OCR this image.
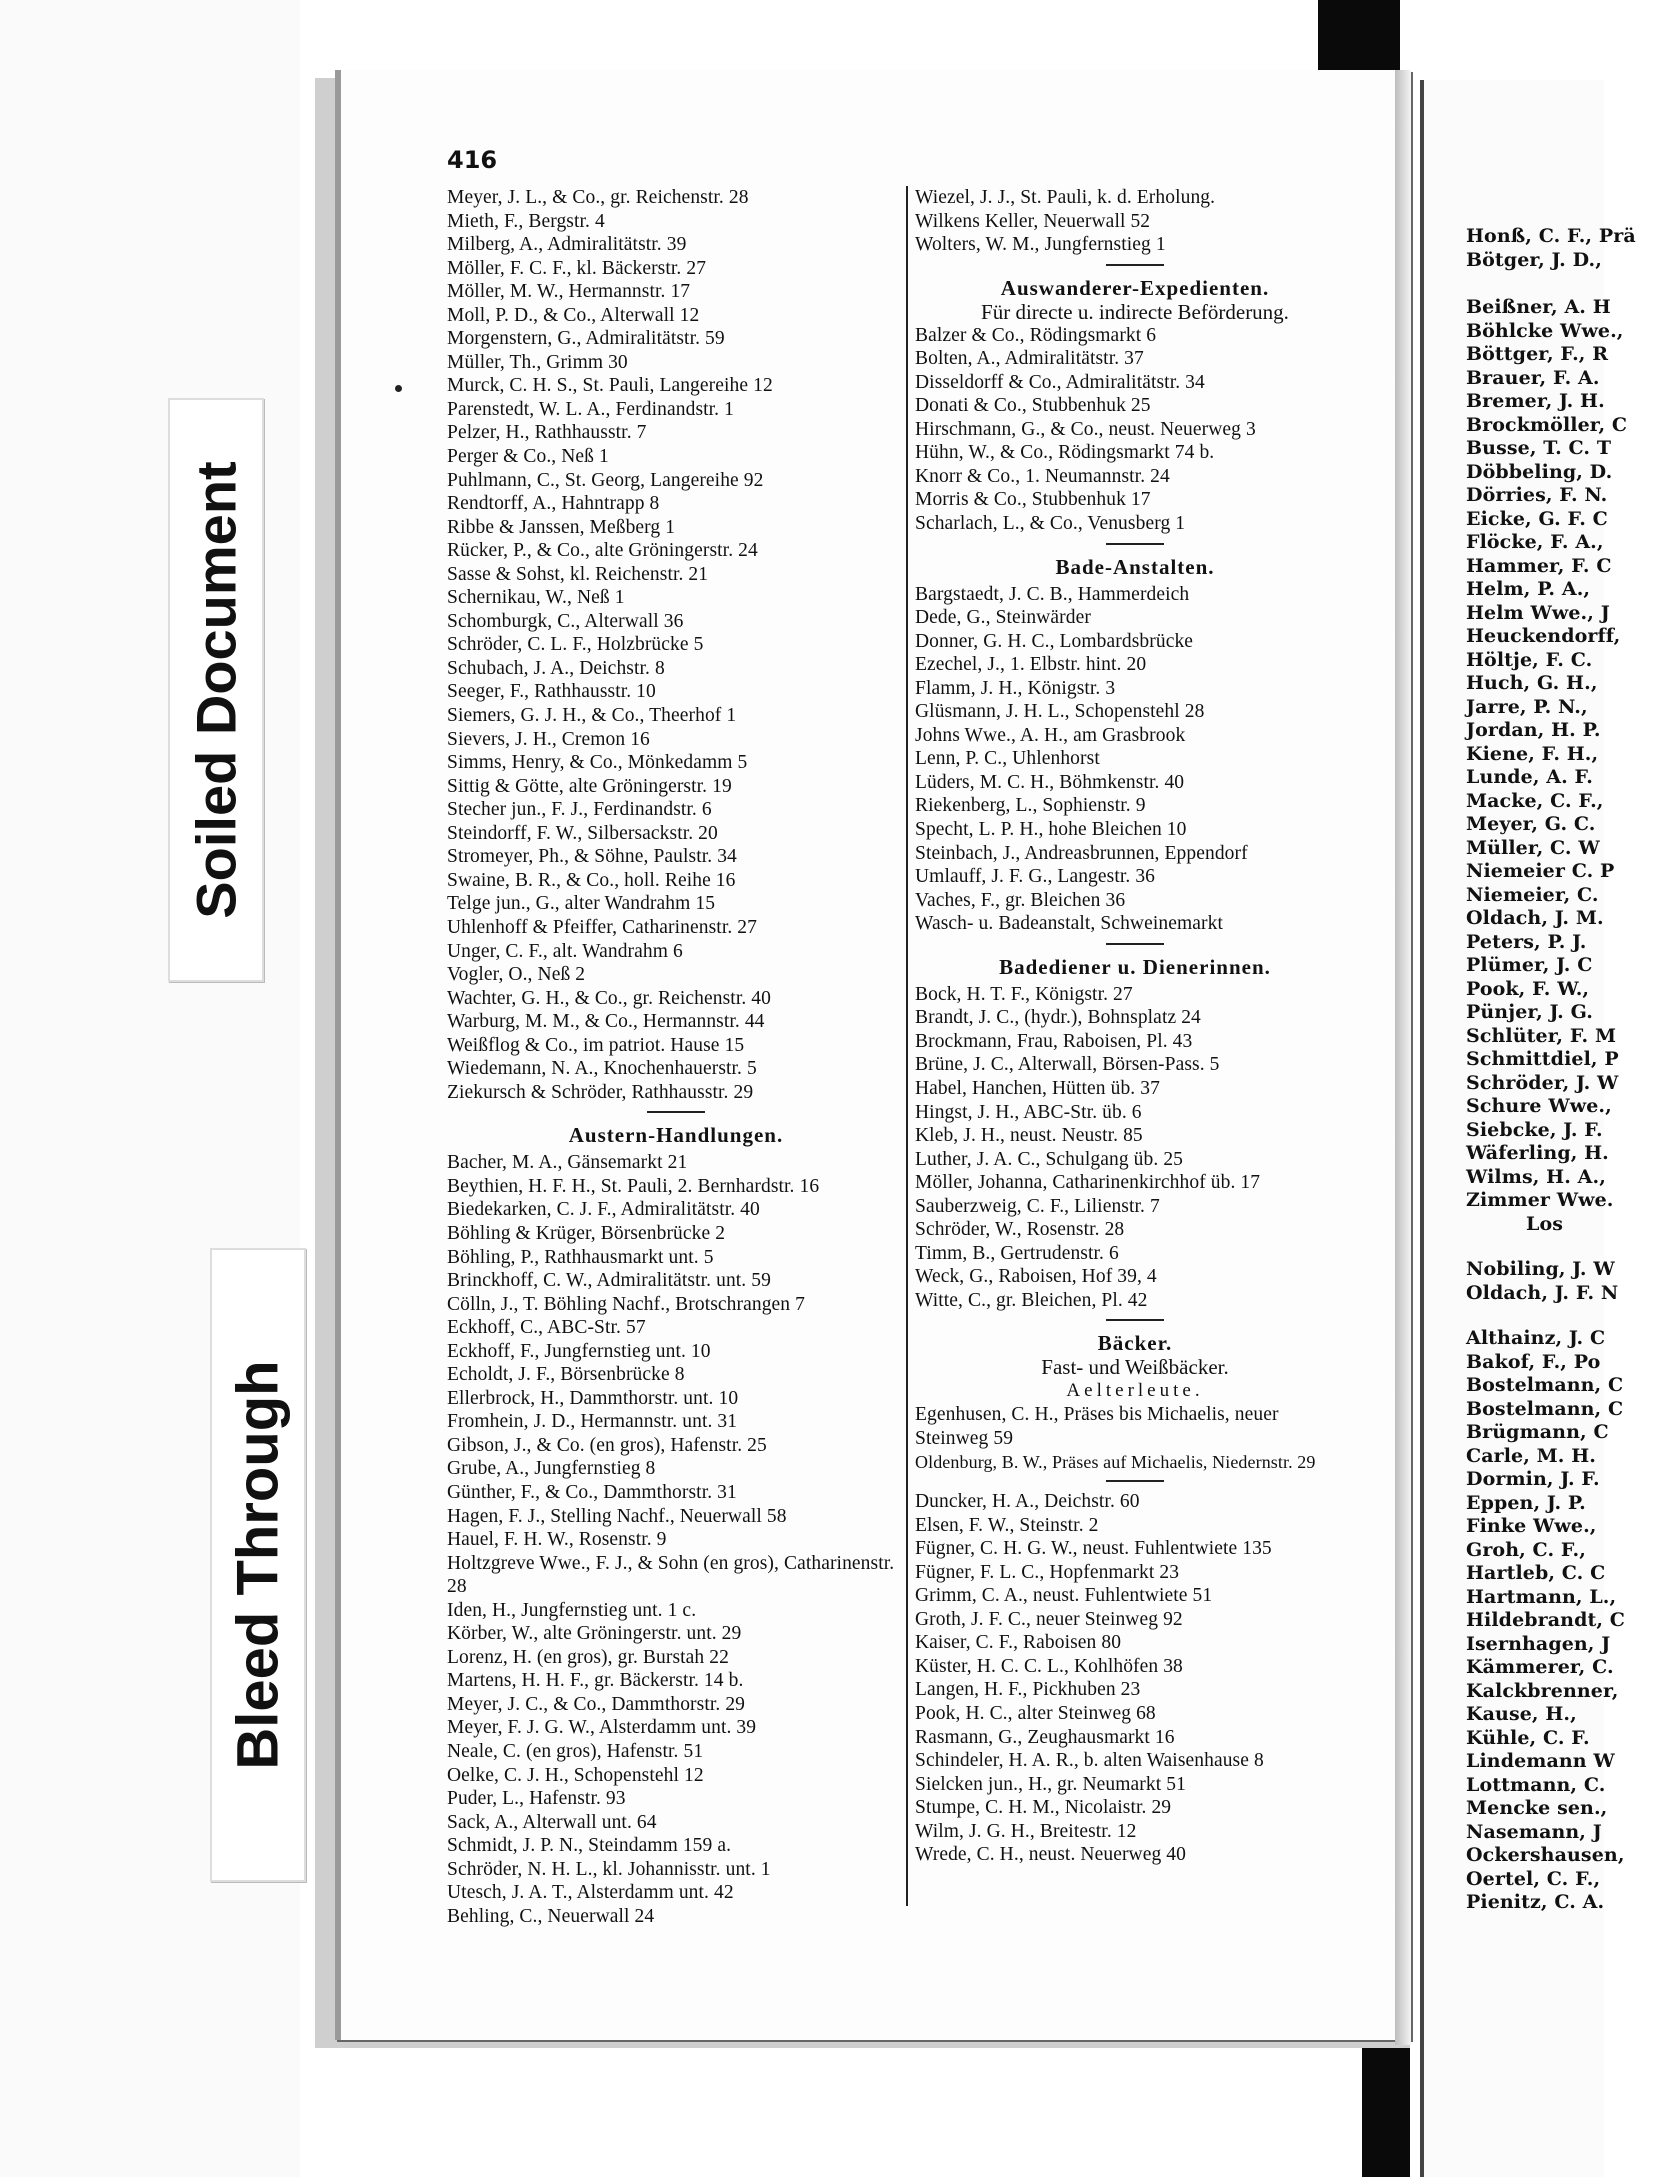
Honß, C. F., Prä
Bötger, J. D.,
Beißner, A. H
Böhlcke Wwe.,
Böttger, F., R
Brauer, F. A.
Bremer, J. H.
Brockmöller, C
Busse, T. C. T
Döbbeling, D.
Dörries, F. N.
Eicke, G. F. C
Flöcke, F. A.,
Hammer, F. C
Helm, P. A.,
Helm Wwe., J
Heuckendorff,
Höltje, F. C.
Huch, G. H.,
Jarre, P. N.,
Jordan, H. P.
Kiene, F. H.,
Lunde, A. F.
Macke, C. F.,
Meyer, G. C.
Müller, C. W
Niemeier C. P
Niemeier, C.
Oldach, J. M.
Peters, P. J.
Plümer, J. C
Pook, F. W.,
Pünjer, J. G.
Schlüter, F. M
Schmittdiel, P
Schröder, J. W
Schure Wwe.,
Siebcke, J. F.
Wäferling, H.
Wilms, H. A.,
Zimmer Wwe.
Los
Nobiling, J. W
Oldach, J. F. N
Althainz, J. C
Bakof, F., Po
Bostelmann, C
Bostelmann, C
Brügmann, C
Carle, M. H.
Dormin, J. F.
Eppen, J. P.
Finke Wwe.,
Groh, C. F.,
Hartleb, C. C
Hartmann, L.,
Hildebrandt, C
Isernhagen, J
Kämmerer, C.
Kalckbrenner,
Kause, H.,
Kühle, C. F.
Lindemann W
Lottmann, C.
Mencke sen.,
Nasemann, J
Ockershausen,
Oertel, C. F.,
Pienitz, C. A.
416
Meyer, J. L., & Co., gr. Reichenstr. 28
Mieth, F., Bergstr. 4
Milberg, A., Admiralitätstr. 39
Möller, F. C. F., kl. Bäckerstr. 27
Möller, M. W., Hermannstr. 17
Moll, P. D., & Co., Alterwall 12
Morgenstern, G., Admiralitätstr. 59
Müller, Th., Grimm 30
Murck, C. H. S., St. Pauli, Langereihe 12
Parenstedt, W. L. A., Ferdinandstr. 1
Pelzer, H., Rathhausstr. 7
Perger & Co., Neß 1
Puhlmann, C., St. Georg, Langereihe 92
Rendtorff, A., Hahntrapp 8
Ribbe & Janssen, Meßberg 1
Rücker, P., & Co., alte Gröningerstr. 24
Sasse & Sohst, kl. Reichenstr. 21
Schernikau, W., Neß 1
Schomburgk, C., Alterwall 36
Schröder, C. L. F., Holzbrücke 5
Schubach, J. A., Deichstr. 8
Seeger, F., Rathhausstr. 10
Siemers, G. J. H., & Co., Theerhof 1
Sievers, J. H., Cremon 16
Simms, Henry, & Co., Mönkedamm 5
Sittig & Götte, alte Gröningerstr. 19
Stecher jun., F. J., Ferdinandstr. 6
Steindorff, F. W., Silbersackstr. 20
Stromeyer, Ph., & Söhne, Paulstr. 34
Swaine, B. R., & Co., holl. Reihe 16
Telge jun., G., alter Wandrahm 15
Uhlenhoff & Pfeiffer, Catharinenstr. 27
Unger, C. F., alt. Wandrahm 6
Vogler, O., Neß 2
Wachter, G. H., & Co., gr. Reichenstr. 40
Warburg, M. M., & Co., Hermannstr. 44
Weißflog & Co., im patriot. Hause 15
Wiedemann, N. A., Knochenhauerstr. 5
Ziekursch & Schröder, Rathhausstr. 29
Austern-Handlungen.
Bacher, M. A., Gänsemarkt 21
Beythien, H. F. H., St. Pauli, 2. Bernhardstr. 16
Biedekarken, C. J. F., Admiralitätstr. 40
Böhling & Krüger, Börsenbrücke 2
Böhling, P., Rathhausmarkt unt. 5
Brinckhoff, C. W., Admiralitätstr. unt. 59
Cölln, J., T. Böhling Nachf., Brotschrangen 7
Eckhoff, C., ABC-Str. 57
Eckhoff, F., Jungfernstieg unt. 10
Echoldt, J. F., Börsenbrücke 8
Ellerbrock, H., Dammthorstr. unt. 10
Fromhein, J. D., Hermannstr. unt. 31
Gibson, J., & Co. (en gros), Hafenstr. 25
Grube, A., Jungfernstieg 8
Günther, F., & Co., Dammthorstr. 31
Hagen, F. J., Stelling Nachf., Neuerwall 58
Hauel, F. H. W., Rosenstr. 9
Holtzgreve Wwe., F. J., & Sohn (en gros), Catharinenstr. 28
Iden, H., Jungfernstieg unt. 1 c.
Körber, W., alte Gröningerstr. unt. 29
Lorenz, H. (en gros), gr. Burstah 22
Martens, H. H. F., gr. Bäckerstr. 14 b.
Meyer, J. C., & Co., Dammthorstr. 29
Meyer, F. J. G. W., Alsterdamm unt. 39
Neale, C. (en gros), Hafenstr. 51
Oelke, C. J. H., Schopenstehl 12
Puder, L., Hafenstr. 93
Sack, A., Alterwall unt. 64
Schmidt, J. P. N., Steindamm 159 a.
Schröder, N. H. L., kl. Johannisstr. unt. 1
Utesch, J. A. T., Alsterdamm unt. 42
Behling, C., Neuerwall 24
Wiezel, J. J., St. Pauli, k. d. Erholung.
Wilkens Keller, Neuerwall 52
Wolters, W. M., Jungfernstieg 1
Auswanderer-Expedienten.
Für directe u. indirecte Beförderung.
Balzer & Co., Rödingsmarkt 6
Bolten, A., Admiralitätstr. 37
Disseldorff & Co., Admiralitätstr. 34
Donati & Co., Stubbenhuk 25
Hirschmann, G., & Co., neust. Neuerweg 3
Hühn, W., & Co., Rödingsmarkt 74 b.
Knorr & Co., 1. Neumannstr. 24
Morris & Co., Stubbenhuk 17
Scharlach, L., & Co., Venusberg 1
Bade-Anstalten.
Bargstaedt, J. C. B., Hammerdeich
Dede, G., Steinwärder
Donner, G. H. C., Lombardsbrücke
Ezechel, J., 1. Elbstr. hint. 20
Flamm, J. H., Königstr. 3
Glüsmann, J. H. L., Schopenstehl 28
Johns Wwe., A. H., am Grasbrook
Lenn, P. C., Uhlenhorst
Lüders, M. C. H., Böhmkenstr. 40
Riekenberg, L., Sophienstr. 9
Specht, L. P. H., hohe Bleichen 10
Steinbach, J., Andreasbrunnen, Eppendorf
Umlauff, J. F. G., Langestr. 36
Vaches, F., gr. Bleichen 36
Wasch- u. Badeanstalt, Schweinemarkt
Badediener u. Dienerinnen.
Bock, H. T. F., Königstr. 27
Brandt, J. C., (hydr.), Bohnsplatz 24
Brockmann, Frau, Raboisen, Pl. 43
Brüne, J. C., Alterwall, Börsen-Pass. 5
Habel, Hanchen, Hütten üb. 37
Hingst, J. H., ABC-Str. üb. 6
Kleb, J. H., neust. Neustr. 85
Luther, J. A. C., Schulgang üb. 25
Möller, Johanna, Catharinenkirchhof üb. 17
Sauberzweig, C. F., Lilienstr. 7
Schröder, W., Rosenstr. 28
Timm, B., Gertrudenstr. 6
Weck, G., Raboisen, Hof 39, 4
Witte, C., gr. Bleichen, Pl. 42
Bäcker.
Fast- und Weißbäcker.
Aelterleute.
Egenhusen, C. H., Präses bis Michaelis, neuer Steinweg 59
Oldenburg, B. W., Präses auf Michaelis, Niedernstr. 29
Duncker, H. A., Deichstr. 60
Elsen, F. W., Steinstr. 2
Fügner, C. H. G. W., neust. Fuhlentwiete 135
Fügner, F. L. C., Hopfenmarkt 23
Grimm, C. A., neust. Fuhlentwiete 51
Groth, J. F. C., neuer Steinweg 92
Kaiser, C. F., Raboisen 80
Küster, H. C. C. L., Kohlhöfen 38
Langen, H. F., Pickhuben 23
Pook, H. C., alter Steinweg 68
Rasmann, G., Zeughausmarkt 16
Schindeler, H. A. R., b. alten Waisenhause 8
Sielcken jun., H., gr. Neumarkt 51
Stumpe, C. H. M., Nicolaistr. 29
Wilm, J. G. H., Breitestr. 12
Wrede, C. H., neust. Neuerweg 40
Soiled Document
Bleed Through
